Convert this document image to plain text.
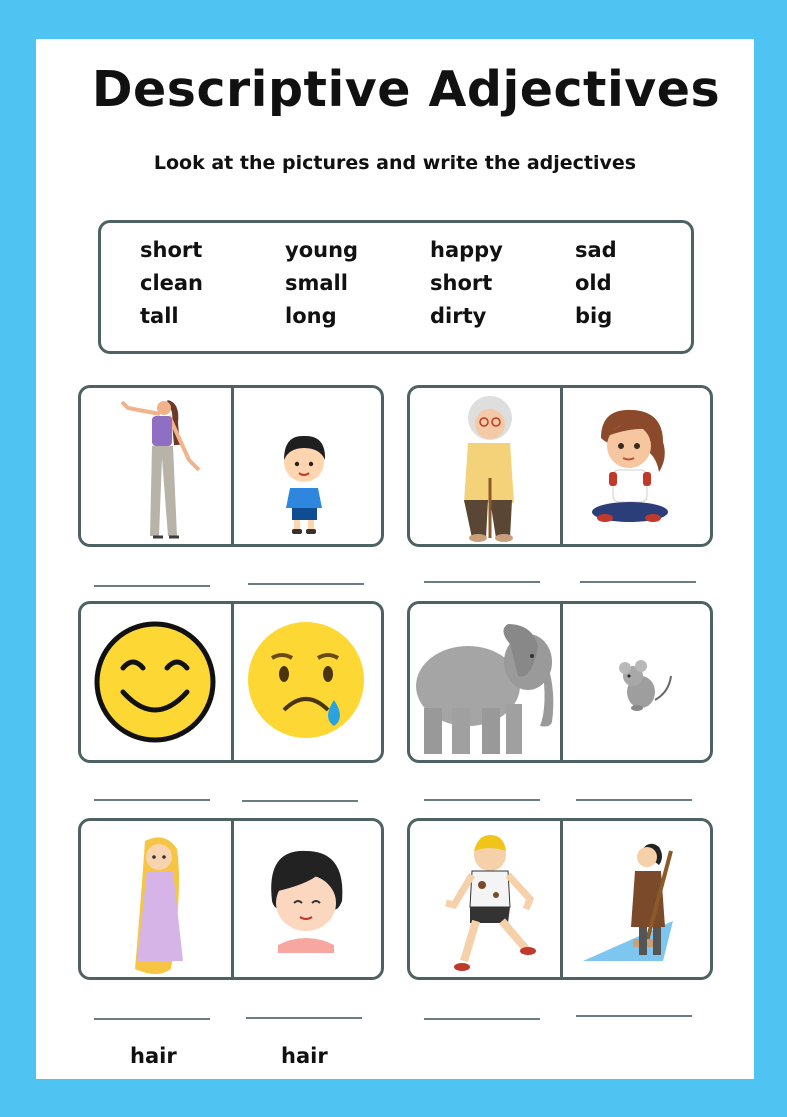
Descriptive Adjectives
Look at the pictures and write the adjectives
short	young	happy	sad
clean	small	short	old
tall	long	dirty	big
hair	hair
